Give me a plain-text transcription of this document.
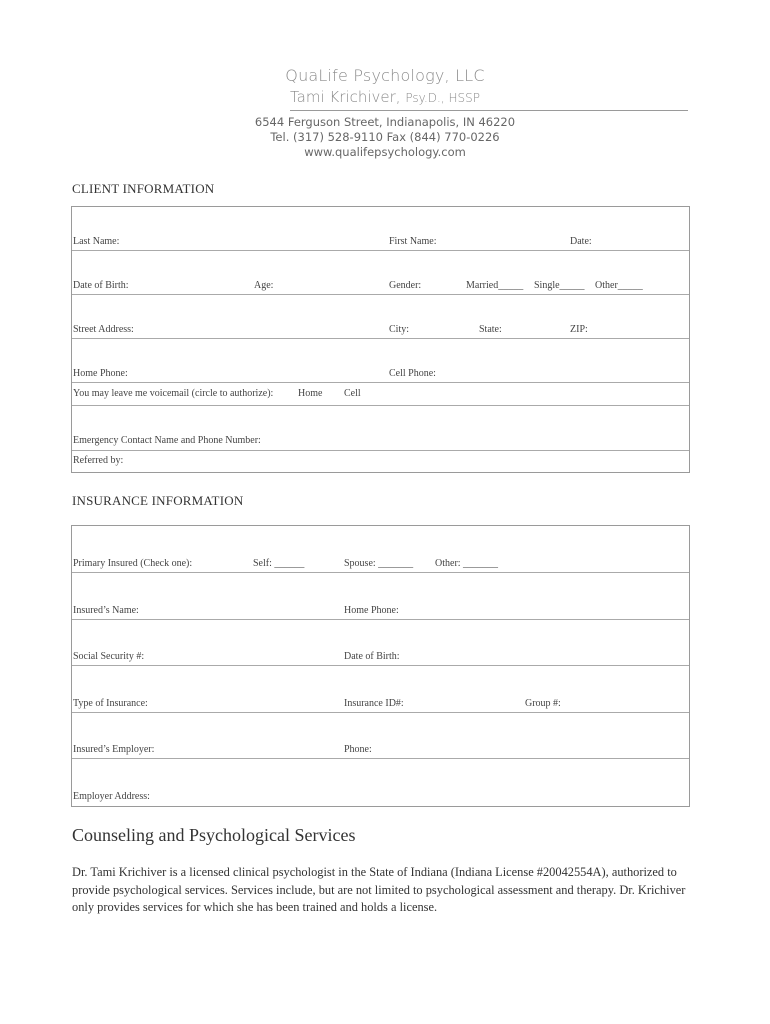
QuaLife Psychology, LLC
Tami Krichiver, Psy.D., HSSP
6544 Ferguson Street, Indianapolis, IN 46220
Tel. (317) 528-9110 Fax (844) 770-0226
www.qualifepsychology.com
CLIENT INFORMATION
Last Name:	First Name:	Date:
Date of Birth:	Age:	Gender:	Married_____ Single_____ Other_____
Street Address:	City:	State:	ZIP:
Home Phone:	Cell Phone:
You may leave me voicemail (circle to authorize): Home Cell
Emergency Contact Name and Phone Number:
Referred by:
INSURANCE INFORMATION
Primary Insured (Check one):	Self: ______	Spouse: _______ Other: _______
Insured’s Name:	Home Phone:
Social Security #:	Date of Birth:
Type of Insurance:	Insurance ID#:	Group #:
Insured’s Employer:	Phone:
Employer Address:
Counseling and Psychological Services
Dr. Tami Krichiver is a licensed clinical psychologist in the State of Indiana (Indiana License #20042554A), authorized to provide psychological services. Services include, but are not limited to psychological assessment and therapy. Dr. Krichiver only provides services for which she has been trained and holds a license.
